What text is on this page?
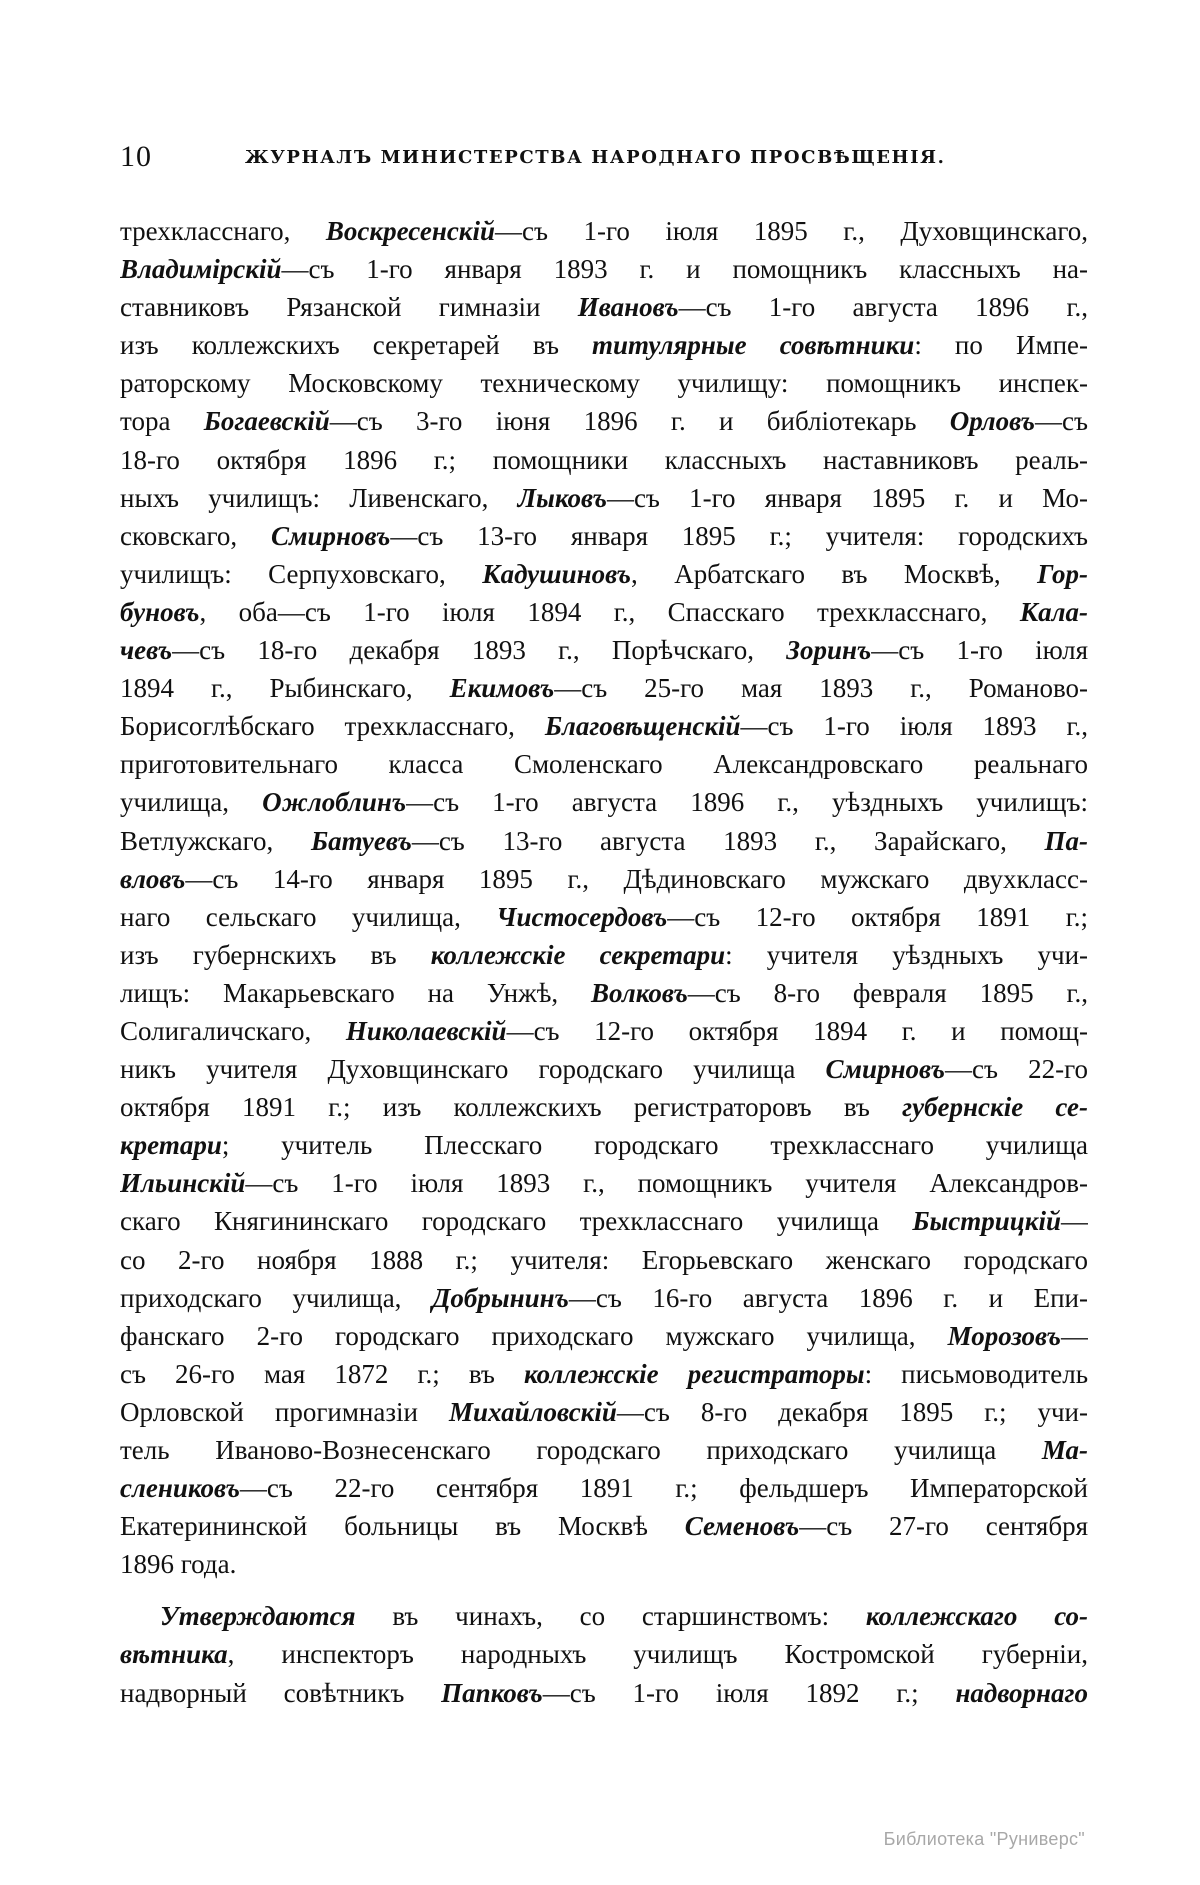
10	ЖУРНАЛЪ МИНИСТЕРСТВА НАРОДНАГО ПРОСВѢЩЕНІЯ.
трехкласснаго, Воскресенскій—съ 1-го іюля 1895 г., Духовщинскаго,
Владимірскій—съ 1-го января 1893 г. и помощникъ классныхъ на-
ставниковъ Рязанской гимназіи Ивановъ—съ 1-го августа 1896 г.,
изъ коллежскихъ секретарей въ титулярные совѣтники: по Импе-
раторскому Московскому техническому училищу: помощникъ инспек-
тора Богаевскій—съ 3-го іюня 1896 г. и библіотекарь Орловъ—съ
18-го октября 1896 г.; помощники классныхъ наставниковъ реаль-
ныхъ училищъ: Ливенскаго, Лыковъ—съ 1-го января 1895 г. и Мо-
сковскаго, Смирновъ—съ 13-го января 1895 г.; учителя: городскихъ
училищъ: Серпуховскаго, Кадушиновъ, Арбатскаго въ Москвѣ, Гор-
буновъ, оба—съ 1-го іюля 1894 г., Спасскаго трехкласснаго, Кала-
чевъ—съ 18-го декабря 1893 г., Порѣчскаго, Зоринъ—съ 1-го іюля
1894 г., Рыбинскаго, Екимовъ—съ 25-го мая 1893 г., Романово-
Борисоглѣбскаго трехкласснаго, Благовѣщенскій—съ 1-го іюля 1893 г.,
приготовительнаго класса Смоленскаго Александровскаго реальнаго
училища, Ожлоблинъ—съ 1-го августа 1896 г., уѣздныхъ училищъ:
Ветлужскаго, Батуевъ—съ 13-го августа 1893 г., Зарайскаго, Па-
вловъ—съ 14-го января 1895 г., Дѣдиновскаго мужскаго двухкласс-
наго сельскаго училища, Чистосердовъ—съ 12-го октября 1891 г.;
изъ губернскихъ въ коллежскіе секретари: учителя уѣздныхъ учи-
лищъ: Макарьевскаго на Унжѣ, Волковъ—съ 8-го февраля 1895 г.,
Солигаличскаго, Николаевскій—съ 12-го октября 1894 г. и помощ-
никъ учителя Духовщинскаго городскаго училища Смирновъ—съ 22-го
октября 1891 г.; изъ коллежскихъ регистраторовъ въ губернскіе се-
кретари; учитель Плесскаго городскаго трехкласснаго училища
Ильинскій—съ 1-го іюля 1893 г., помощникъ учителя Александров-
скаго Княгининскаго городскаго трехкласснаго училища Быстрицкій—
со 2-го ноября 1888 г.; учителя: Егорьевскаго женскаго городскаго
приходскаго училища, Добрынинъ—съ 16-го августа 1896 г. и Епи-
фанскаго 2-го городскаго приходскаго мужскаго училища, Морозовъ—
съ 26-го мая 1872 г.; въ коллежскіе регистраторы: письмоводитель
Орловской прогимназіи Михайловскій—съ 8-го декабря 1895 г.; учи-
тель Иваново-Вознесенскаго городскаго приходскаго училища Ма-
слениковъ—съ 22-го сентября 1891 г.; фельдшеръ Императорской
Екатерининской больницы въ Москвѣ Семеновъ—съ 27-го сентября
1896 года.
Утверждаются въ чинахъ, со старшинствомъ: коллежскаго со-
вѣтника, инспекторъ народныхъ училищъ Костромской губерніи,
надворный совѣтникъ Папковъ—съ 1-го іюля 1892 г.; надворнаго
Библиотека "Руниверс"
